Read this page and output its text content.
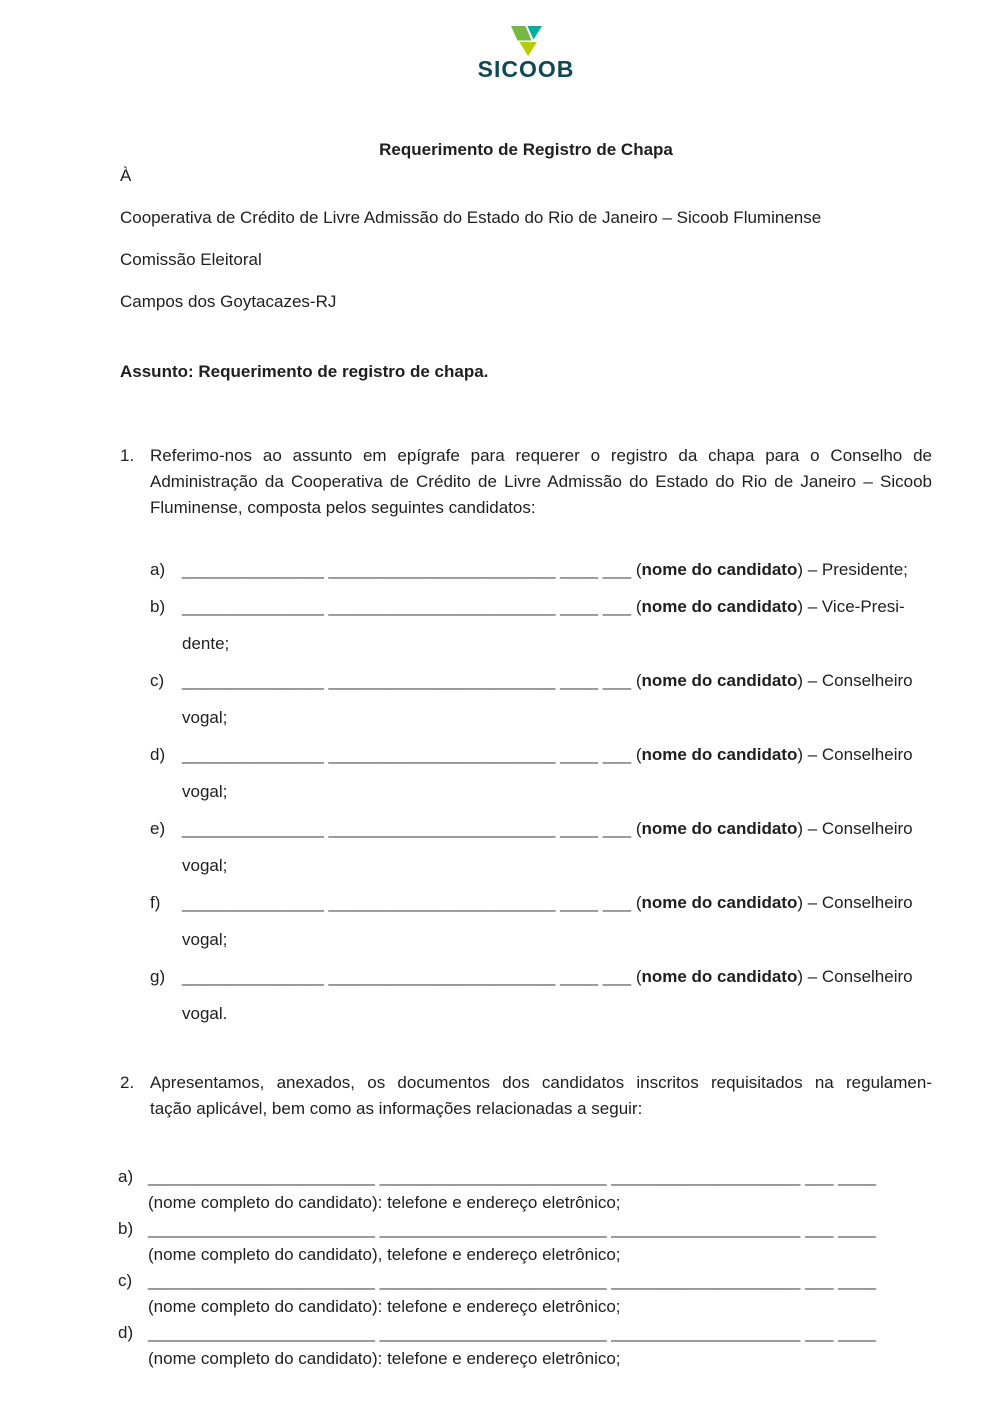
SICOOB
Requerimento de Registro de Chapa
À
Cooperativa de Crédito de Livre Admissão do Estado do Rio de Janeiro – Sicoob Fluminense
Comissão Eleitoral
Campos dos Goytacazes-RJ
Assunto: Requerimento de registro de chapa.
1. Referimo-nos ao assunto em epígrafe para requerer o registro da chapa para o Conselho de
Administração da Cooperativa de Crédito de Livre Admissão do Estado do Rio de Janeiro – Sicoob
Fluminense, composta pelos seguintes candidatos:
a) _______________ ________________________ ____ ___ (nome do candidato) – Presidente;
b) _______________ ________________________ ____ ___ (nome do candidato) – Vice-Presi-
dente;
c) _______________ ________________________ ____ ___ (nome do candidato) – Conselheiro
vogal;
d) _______________ ________________________ ____ ___ (nome do candidato) – Conselheiro
vogal;
e) _______________ ________________________ ____ ___ (nome do candidato) – Conselheiro
vogal;
f) _______________ ________________________ ____ ___ (nome do candidato) – Conselheiro
vogal;
g) _______________ ________________________ ____ ___ (nome do candidato) – Conselheiro
vogal.
2. Apresentamos, anexados, os documentos dos candidatos inscritos requisitados na regulamen-
tação aplicável, bem como as informações relacionadas a seguir:
a) ________________________ ________________________ ____________________ ___ ____
(nome completo do candidato): telefone e endereço eletrônico;
b) ________________________ ________________________ ____________________ ___ ____
(nome completo do candidato), telefone e endereço eletrônico;
c) ________________________ ________________________ ____________________ ___ ____
(nome completo do candidato): telefone e endereço eletrônico;
d) ________________________ ________________________ ____________________ ___ ____
(nome completo do candidato): telefone e endereço eletrônico;
